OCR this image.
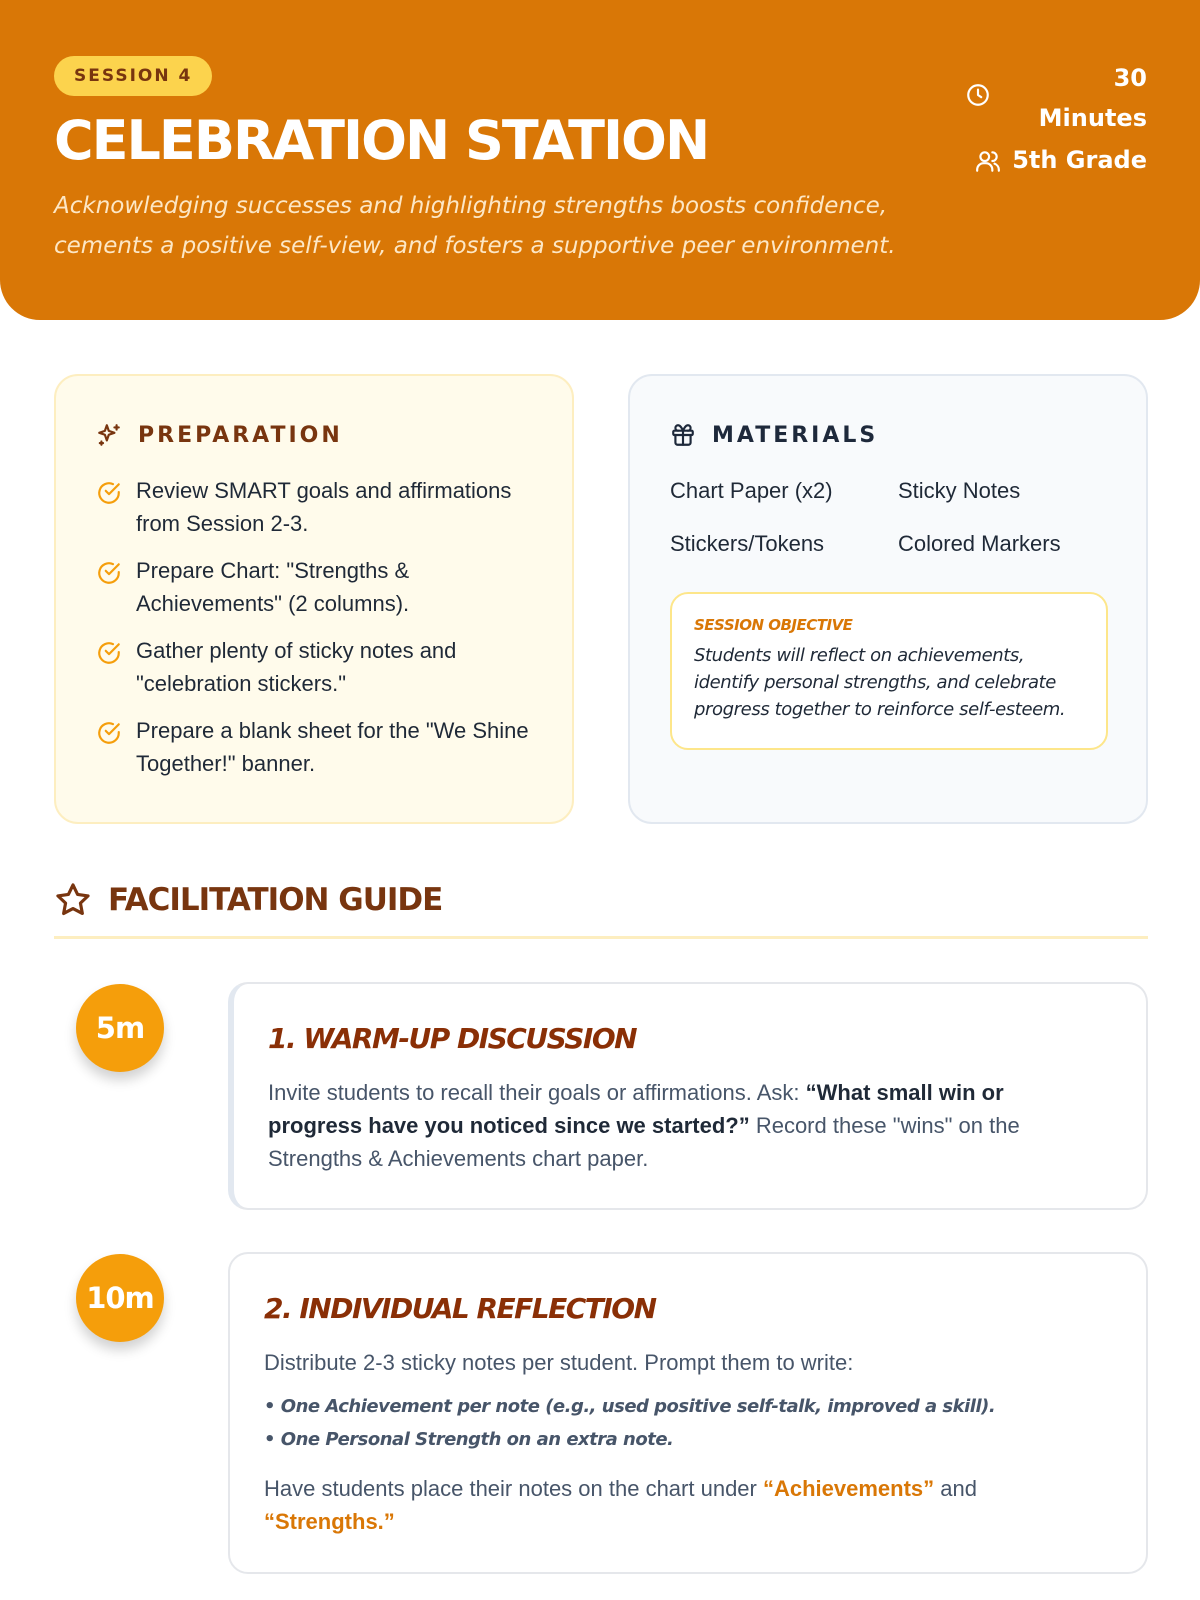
SESSION 4
CELEBRATION STATION
Acknowledging successes and highlighting strengths boosts confidence, cements a positive self-view, and fosters a supportive peer environment.
30
Minutes
5th Grade
PREPARATION
Review SMART goals and affirmations from Session 2-3.
Prepare Chart: "Strengths & Achievements" (2 columns).
Gather plenty of sticky notes and "celebration stickers."
Prepare a blank sheet for the "We Shine Together!" banner.
MATERIALS
Chart Paper (x2)	Sticky Notes
Stickers/Tokens	Colored Markers
SESSION OBJECTIVE
Students will reflect on achievements, identify personal strengths, and celebrate progress together to reinforce self-esteem.
FACILITATION GUIDE
5m	1. WARM-UP DISCUSSION
Invite students to recall their goals or affirmations. Ask: “What small win or progress have you noticed since we started?” Record these "wins" on the Strengths & Achievements chart paper.
10m	2. INDIVIDUAL REFLECTION
Distribute 2-3 sticky notes per student. Prompt them to write:
• One Achievement per note (e.g., used positive self-talk, improved a skill).
• One Personal Strength on an extra note.
Have students place their notes on the chart under “Achievements” and “Strengths.”
